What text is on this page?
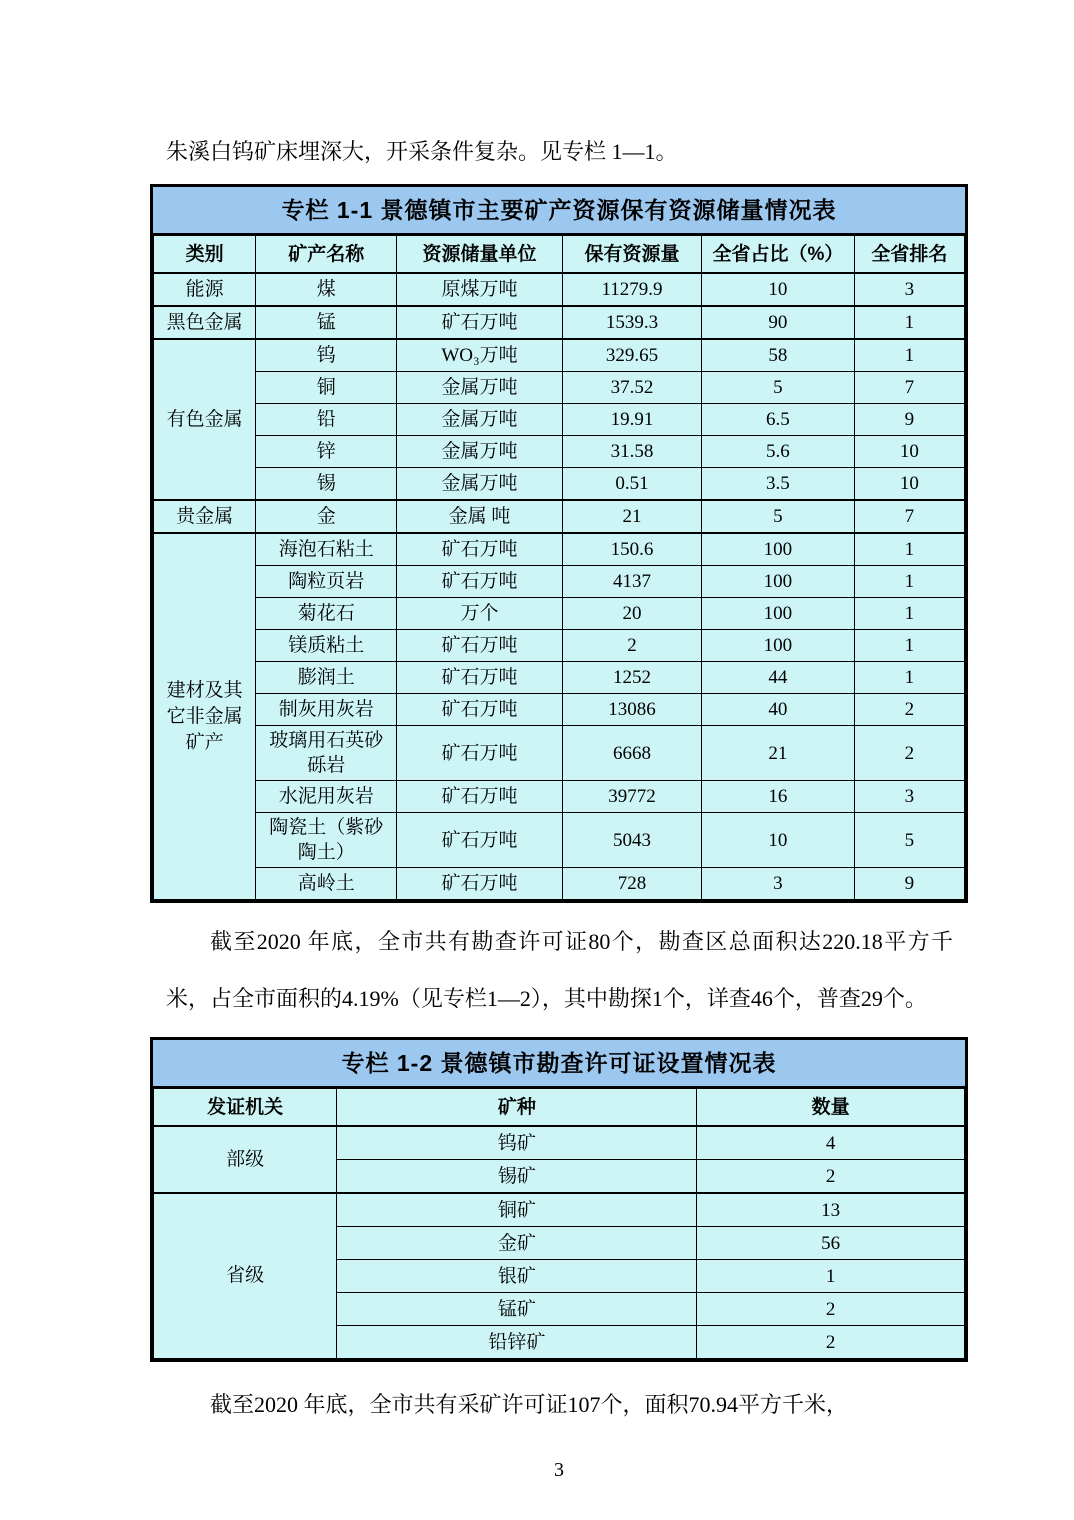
朱溪白钨矿床埋深大，开采条件复杂。见专栏 1—1。

专栏 1-1 景德镇市主要矿产资源保有资源储量情况表
类别	矿产名称	资源储量单位	保有资源量	全省占比（%）	全省排名
能源	煤	原煤万吨	11279.9	10	3
黑色金属	锰	矿石万吨	1539.3	90	1
有色金属	钨	WO₃万吨	329.65	58	1
	铜	金属万吨	37.52	5	7
	铅	金属万吨	19.91	6.5	9
	锌	金属万吨	31.58	5.6	10
	锡	金属万吨	0.51	3.5	10
贵金属	金	金属 吨	21	5	7
建材及其它非金属矿产	海泡石粘土	矿石万吨	150.6	100	1
	陶粒页岩	矿石万吨	4137	100	1
	菊花石	万个	20	100	1
	镁质粘土	矿石万吨	2	100	1
	膨润土	矿石万吨	1252	44	1
	制灰用灰岩	矿石万吨	13086	40	2
	玻璃用石英砂砾岩	矿石万吨	6668	21	2
	水泥用灰岩	矿石万吨	39772	16	3
	陶瓷土（紫砂陶土）	矿石万吨	5043	10	5
	高岭土	矿石万吨	728	3	9

截至2020 年底，全市共有勘查许可证80个，勘查区总面积达220.18平方千米，占全市面积的4.19%（见专栏1—2），其中勘探1个，详查46个，普查29个。

专栏 1-2 景德镇市勘查许可证设置情况表
发证机关	矿种	数量
部级	钨矿	4
	锡矿	2
省级	铜矿	13
	金矿	56
	银矿	1
	锰矿	2
	铅锌矿	2

截至2020 年底，全市共有采矿许可证107个，面积70.94平方千米，

3
